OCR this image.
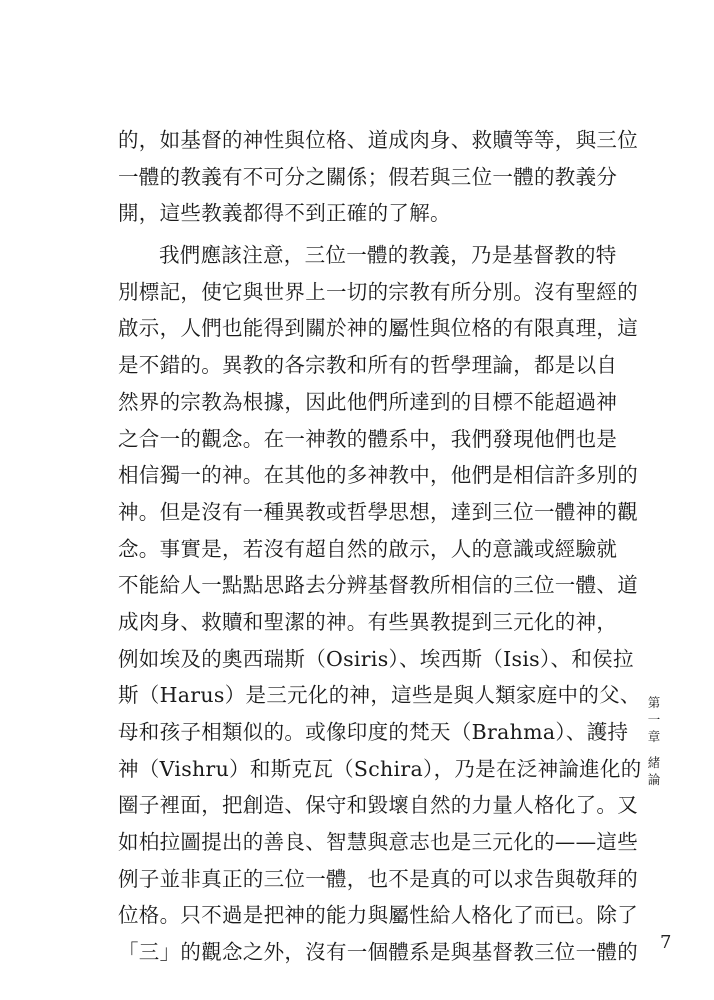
的，如基督的神性與位格、道成肉身、救贖等等，與三位
一體的教義有不可分之關係；假若與三位一體的教義分
開，這些教義都得不到正確的了解。
我們應該注意，三位一體的教義，乃是基督教的特
別標記，使它與世界上一切的宗教有所分別。沒有聖經的
啟示，人們也能得到關於神的屬性與位格的有限真理，這
是不錯的。異教的各宗教和所有的哲學理論，都是以自
然界的宗教為根據，因此他們所達到的目標不能超過神
之合一的觀念。在一神教的體系中，我們發現他們也是
相信獨一的神。在其他的多神教中，他們是相信許多別的
神。但是沒有一種異教或哲學思想，達到三位一體神的觀
念。事實是，若沒有超自然的啟示，人的意識或經驗就
不能給人一點點思路去分辨基督教所相信的三位一體、道
成肉身、救贖和聖潔的神。有些異教提到三元化的神，
例如埃及的奧西瑞斯（Osiris）、埃西斯（Isis）、和侯拉
斯（Harus）是三元化的神，這些是與人類家庭中的父、
母和孩子相類似的。或像印度的梵天（Brahma）、護持
神（Vishru）和斯克瓦（Schira），乃是在泛神論進化的
圈子裡面，把創造、保守和毀壞自然的力量人格化了。又
如柏拉圖提出的善良、智慧與意志也是三元化的——這些
例子並非真正的三位一體，也不是真的可以求告與敬拜的
位格。只不過是把神的能力與屬性給人格化了而已。除了
「三」的觀念之外，沒有一個體系是與基督教三位一體的
第
一
章
緒
論
7
